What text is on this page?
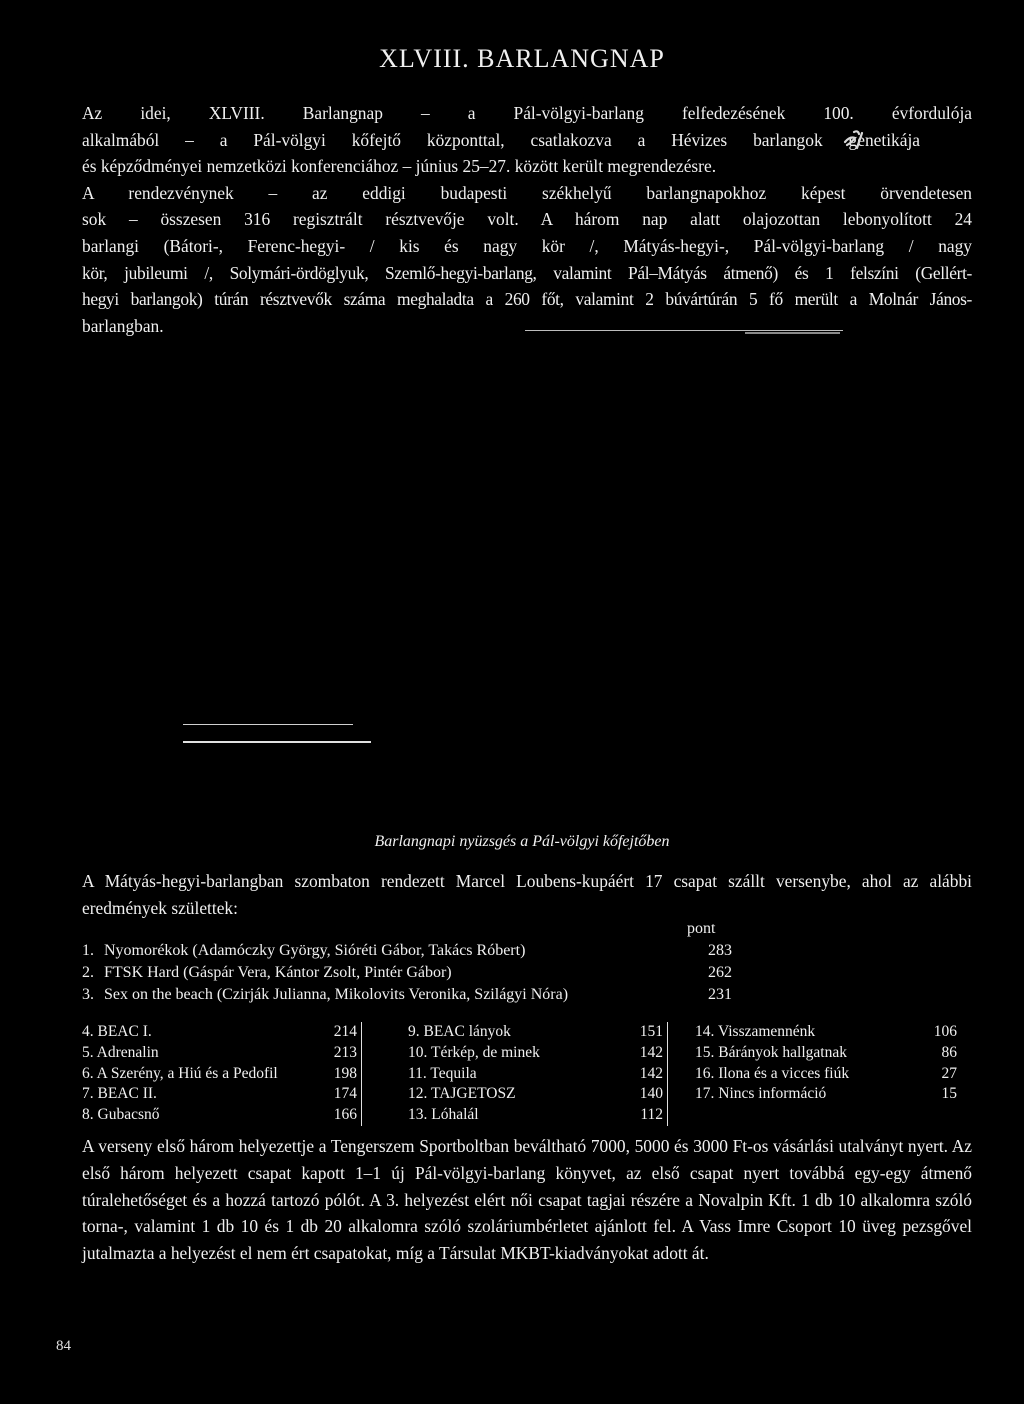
XLVIII. BARLANGNAP
Az idei, XLVIII. Barlangnap – a Pál-völgyi-barlang felfedezésének 100. évfordulója
alkalmából – a Pál-völgyi kőfejtő központtal, csatlakozva a Hévizes barlangok genetikája
és képződményei nemzetközi konferenciához – június 25–27. között került megrendezésre.
A rendezvénynek – az eddigi budapesti székhelyű barlangnapokhoz képest örvendetesen
sok – összesen 316 regisztrált résztvevője volt. A három nap alatt olajozottan lebonyolított 24
barlangi (Bátori-, Ferenc-hegyi- / kis és nagy kör /, Mátyás-hegyi-, Pál-völgyi-barlang / nagy
kör, jubileumi /, Solymári-ördöglyuk, Szemlő-hegyi-barlang, valamint Pál–Mátyás átmenő) és 1 felszíni (Gellért-
hegyi barlangok) túrán résztvevők száma meghaladta a 260 főt, valamint 2 búvártúrán 5 fő merült a Molnár János-
barlangban.
Barlangnapi nyüzsgés a Pál-völgyi kőfejtőben
A Mátyás-hegyi-barlangban szombaton rendezett Marcel Loubens-kupáért 17 csapat szállt versenybe, ahol az alábbi eredmények születtek:
pont
1. Nyomorékok (Adamóczky György, Sióréti Gábor, Takács Róbert)	283
2. FTSK Hard (Gáspár Vera, Kántor Zsolt, Pintér Gábor)	262
3. Sex on the beach (Czirják Julianna, Mikolovits Veronika, Szilágyi Nóra)	231
4. BEAC I.	214
5. Adrenalin	213
6. A Szerény, a Hiú és a Pedofil	198
7. BEAC II.	174
8. Gubacsnő	166
9. BEAC lányok	151
10. Térkép, de minek	142
11. Tequila	142
12. TAJGETOSZ	140
13. Lóhalál	112
14. Visszamennénk	106
15. Bárányok hallgatnak	86
16. Ilona és a vicces fiúk	27
17. Nincs információ	15
A verseny első három helyezettje a Tengerszem Sportboltban beváltható 7000, 5000 és 3000 Ft-os vásárlási utalványt nyert. Az első három helyezett csapat kapott 1–1 új Pál-völgyi-barlang könyvet, az első csapat nyert továbbá egy-egy átmenő túralehetőséget és a hozzá tartozó pólót. A 3. helyezést elért női csapat tagjai részére a Novalpin Kft. 1 db 10 alkalomra szóló torna-, valamint 1 db 10 és 1 db 20 alkalomra szóló szoláriumbérletet ajánlott fel. A Vass Imre Csoport 10 üveg pezsgővel jutalmazta a helyezést el nem ért csapatokat, míg a Társulat MKBT-kiadványokat adott át.
84
